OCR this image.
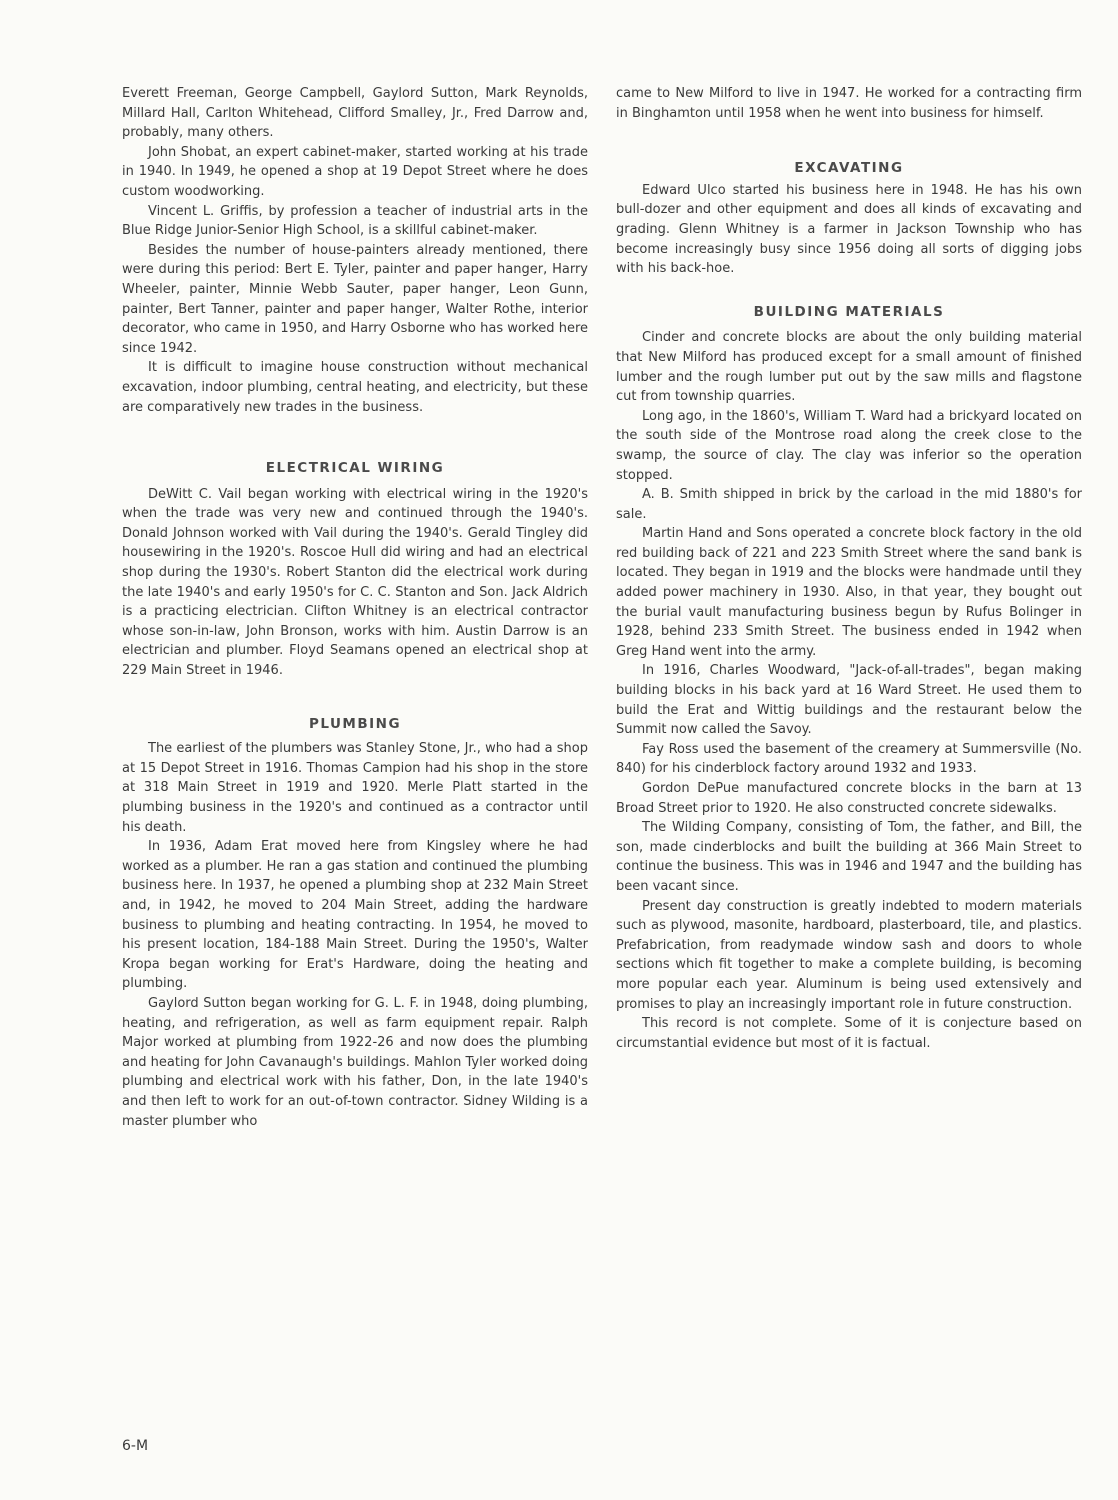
Everett Freeman, George Campbell, Gaylord Sutton, Mark Reynolds, Millard Hall, Carlton Whitehead, Clifford Smalley, Jr., Fred Darrow and, probably, many others.

John Shobat, an expert cabinet-maker, started working at his trade in 1940. In 1949, he opened a shop at 19 Depot Street where he does custom woodworking.

Vincent L. Griffis, by profession a teacher of industrial arts in the Blue Ridge Junior-Senior High School, is a skillful cabinet-maker.

Besides the number of house-painters already mentioned, there were during this period: Bert E. Tyler, painter and paper hanger, Harry Wheeler, painter, Minnie Webb Sauter, paper hanger, Leon Gunn, painter, Bert Tanner, painter and paper hanger, Walter Rothe, interior decorator, who came in 1950, and Harry Osborne who has worked here since 1942.

It is difficult to imagine house construction without mechanical excavation, indoor plumbing, central heating, and electricity, but these are comparatively new trades in the business.

ELECTRICAL WIRING

DeWitt C. Vail began working with electrical wiring in the 1920's when the trade was very new and continued through the 1940's. Donald Johnson worked with Vail during the 1940's. Gerald Tingley did housewiring in the 1920's. Roscoe Hull did wiring and had an electrical shop during the 1930's. Robert Stanton did the electrical work during the late 1940's and early 1950's for C. C. Stanton and Son. Jack Aldrich is a practicing electrician. Clifton Whitney is an electrical contractor whose son-in-law, John Bronson, works with him. Austin Darrow is an electrician and plumber. Floyd Seamans opened an electrical shop at 229 Main Street in 1946.

PLUMBING

The earliest of the plumbers was Stanley Stone, Jr., who had a shop at 15 Depot Street in 1916. Thomas Campion had his shop in the store at 318 Main Street in 1919 and 1920. Merle Platt started in the plumbing business in the 1920's and continued as a contractor until his death.

In 1936, Adam Erat moved here from Kingsley where he had worked as a plumber. He ran a gas station and continued the plumbing business here. In 1937, he opened a plumbing shop at 232 Main Street and, in 1942, he moved to 204 Main Street, adding the hardware business to plumbing and heating contracting. In 1954, he moved to his present location, 184-188 Main Street. During the 1950's, Walter Kropa began working for Erat's Hardware, doing the heating and plumbing.

Gaylord Sutton began working for G. L. F. in 1948, doing plumbing, heating, and refrigeration, as well as farm equipment repair. Ralph Major worked at plumbing from 1922-26 and now does the plumbing and heating for John Cavanaugh's buildings. Mahlon Tyler worked doing plumbing and electrical work with his father, Don, in the late 1940's and then left to work for an out-of-town contractor. Sidney Wilding is a master plumber who

came to New Milford to live in 1947. He worked for a contracting firm in Binghamton until 1958 when he went into business for himself.

EXCAVATING

Edward Ulco started his business here in 1948. He has his own bull-dozer and other equipment and does all kinds of excavating and grading. Glenn Whitney is a farmer in Jackson Township who has become increasingly busy since 1956 doing all sorts of digging jobs with his back-hoe.

BUILDING MATERIALS

Cinder and concrete blocks are about the only building material that New Milford has produced except for a small amount of finished lumber and the rough lumber put out by the saw mills and flagstone cut from township quarries.

Long ago, in the 1860's, William T. Ward had a brickyard located on the south side of the Montrose road along the creek close to the swamp, the source of clay. The clay was inferior so the operation stopped.

A. B. Smith shipped in brick by the carload in the mid 1880's for sale.

Martin Hand and Sons operated a concrete block factory in the old red building back of 221 and 223 Smith Street where the sand bank is located. They began in 1919 and the blocks were handmade until they added power machinery in 1930. Also, in that year, they bought out the burial vault manufacturing business begun by Rufus Bolinger in 1928, behind 233 Smith Street. The business ended in 1942 when Greg Hand went into the army.

In 1916, Charles Woodward, "Jack-of-all-trades", began making building blocks in his back yard at 16 Ward Street. He used them to build the Erat and Wittig buildings and the restaurant below the Summit now called the Savoy.

Fay Ross used the basement of the creamery at Summersville (No. 840) for his cinderblock factory around 1932 and 1933.

Gordon DePue manufactured concrete blocks in the barn at 13 Broad Street prior to 1920. He also constructed concrete sidewalks.

The Wilding Company, consisting of Tom, the father, and Bill, the son, made cinderblocks and built the building at 366 Main Street to continue the business. This was in 1946 and 1947 and the building has been vacant since.

Present day construction is greatly indebted to modern materials such as plywood, masonite, hardboard, plasterboard, tile, and plastics. Prefabrication, from readymade window sash and doors to whole sections which fit together to make a complete building, is becoming more popular each year. Aluminum is being used extensively and promises to play an increasingly important role in future construction.

This record is not complete. Some of it is conjecture based on circumstantial evidence but most of it is factual.

6-M
